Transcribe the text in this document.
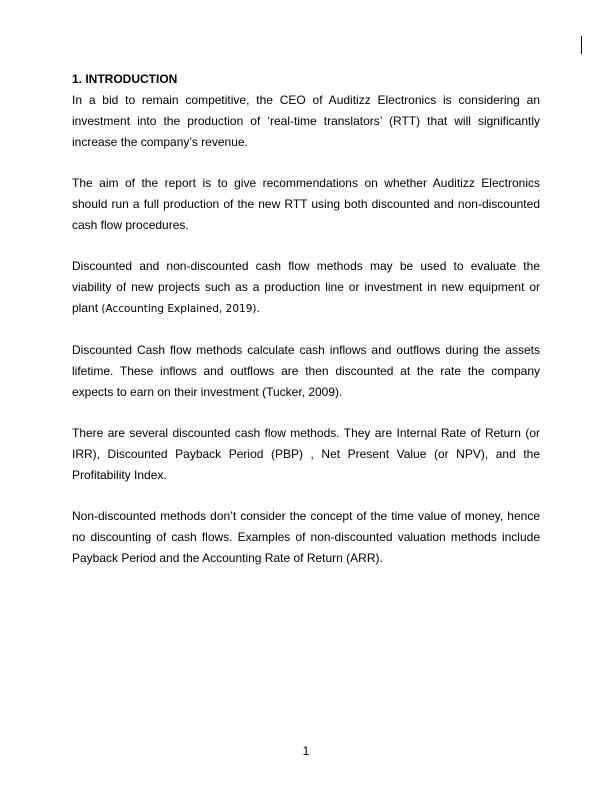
1. INTRODUCTION

In a bid to remain competitive, the CEO of Auditizz Electronics is considering an investment into the production of ‘real-time translators’ (RTT) that will significantly increase the company’s revenue.

The aim of the report is to give recommendations on whether Auditizz Electronics should run a full production of the new RTT using both discounted and non-discounted cash flow procedures.

Discounted and non-discounted cash flow methods may be used to evaluate the viability of new projects such as a production line or investment in new equipment or plant (Accounting Explained, 2019).

Discounted Cash flow methods calculate cash inflows and outflows during the assets lifetime. These inflows and outflows are then discounted at the rate the company expects to earn on their investment (Tucker, 2009).

There are several discounted cash flow methods. They are Internal Rate of Return (or IRR), Discounted Payback Period (PBP) , Net Present Value (or NPV), and the Profitability Index.

Non-discounted methods don’t consider the concept of the time value of money, hence no discounting of cash flows. Examples of non-discounted valuation methods include Payback Period and the Accounting Rate of Return (ARR).

1
